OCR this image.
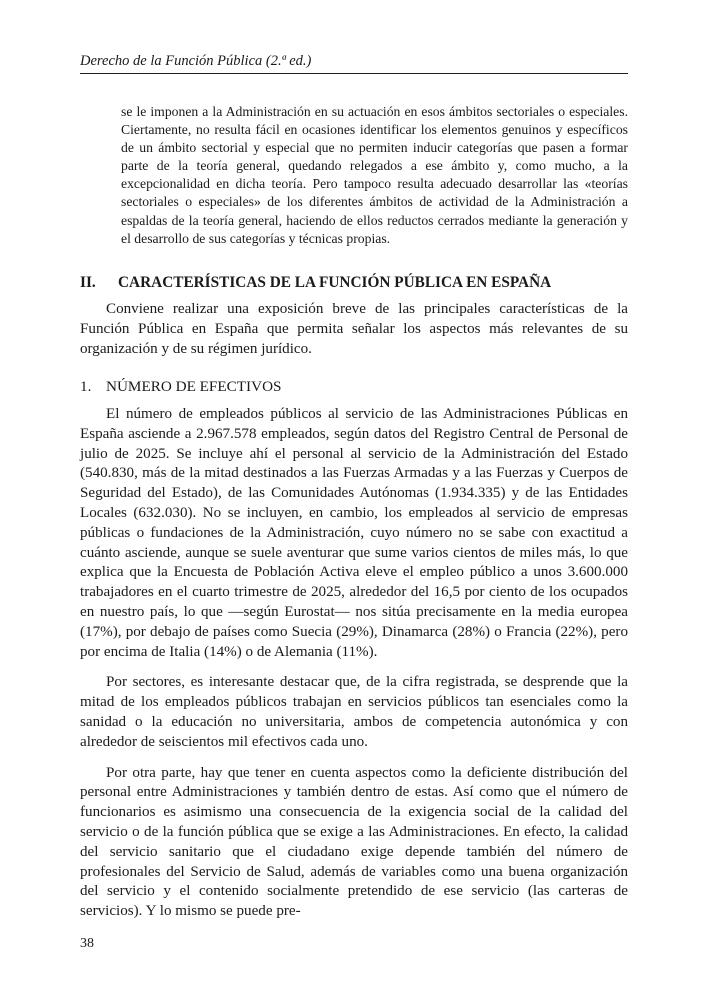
Derecho de la Función Pública (2.ª ed.)

se le imponen a la Administración en su actuación en esos ámbitos sectoriales o especiales. Ciertamente, no resulta fácil en ocasiones identificar los elementos genuinos y específicos de un ámbito sectorial y especial que no permiten inducir categorías que pasen a formar parte de la teoría general, quedando relegados a ese ámbito y, como mucho, a la excepcionalidad en dicha teoría. Pero tampoco resulta adecuado desarrollar las «teorías sectoriales o especiales» de los diferentes ámbitos de actividad de la Administración a espaldas de la teoría general, haciendo de ellos reductos cerrados mediante la generación y el desarrollo de sus categorías y técnicas propias.

II. CARACTERÍSTICAS DE LA FUNCIÓN PÚBLICA EN ESPAÑA

Conviene realizar una exposición breve de las principales características de la Función Pública en España que permita señalar los aspectos más relevantes de su organización y de su régimen jurídico.

1. NÚMERO DE EFECTIVOS

El número de empleados públicos al servicio de las Administraciones Públicas en España asciende a 2.967.578 empleados, según datos del Registro Central de Personal de julio de 2025. Se incluye ahí el personal al servicio de la Administración del Estado (540.830, más de la mitad destinados a las Fuerzas Armadas y a las Fuerzas y Cuerpos de Seguridad del Estado), de las Comunidades Autónomas (1.934.335) y de las Entidades Locales (632.030). No se incluyen, en cambio, los empleados al servicio de empresas públicas o fundaciones de la Administración, cuyo número no se sabe con exactitud a cuánto asciende, aunque se suele aventurar que sume varios cientos de miles más, lo que explica que la Encuesta de Población Activa eleve el empleo público a unos 3.600.000 trabajadores en el cuarto trimestre de 2025, alrededor del 16,5 por ciento de los ocupados en nuestro país, lo que —según Eurostat— nos sitúa precisamente en la media europea (17%), por debajo de países como Suecia (29%), Dinamarca (28%) o Francia (22%), pero por encima de Italia (14%) o de Alemania (11%).

Por sectores, es interesante destacar que, de la cifra registrada, se desprende que la mitad de los empleados públicos trabajan en servicios públicos tan esenciales como la sanidad o la educación no universitaria, ambos de competencia autonómica y con alrededor de seiscientos mil efectivos cada uno.

Por otra parte, hay que tener en cuenta aspectos como la deficiente distribución del personal entre Administraciones y también dentro de estas. Así como que el número de funcionarios es asimismo una consecuencia de la exigencia social de la calidad del servicio o de la función pública que se exige a las Administraciones. En efecto, la calidad del servicio sanitario que el ciudadano exige depende también del número de profesionales del Servicio de Salud, además de variables como una buena organización del servicio y el contenido socialmente pretendido de ese servicio (las carteras de servicios). Y lo mismo se puede pre-

38
